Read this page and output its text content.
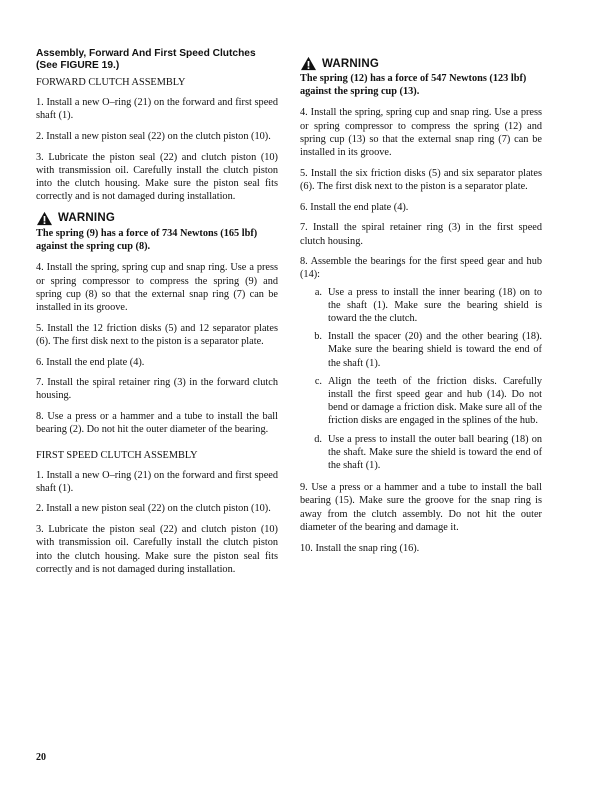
Assembly, Forward And First Speed Clutches
(See FIGURE 19.)
FORWARD CLUTCH ASSEMBLY

1. Install a new O–ring (21) on the forward and first speed shaft (1).

2. Install a new piston seal (22) on the clutch piston (10).

3. Lubricate the piston seal (22) and clutch piston (10) with transmission oil. Carefully install the clutch piston into the clutch housing. Make sure the piston seal fits correctly and is not damaged during installation.

WARNING

The spring (9) has a force of 734 Newtons (165 lbf) against the spring cup (8).

4. Install the spring, spring cup and snap ring. Use a press or spring compressor to compress the spring (9) and spring cup (8) so that the external snap ring (7) can be installed in its groove.

5. Install the 12 friction disks (5) and 12 separator plates (6). The first disk next to the piston is a separator plate.

6. Install the end plate (4).

7. Install the spiral retainer ring (3) in the forward clutch housing.

8. Use a press or a hammer and a tube to install the ball bearing (2). Do not hit the outer diameter of the bearing.

FIRST SPEED CLUTCH ASSEMBLY

1. Install a new O–ring (21) on the forward and first speed shaft (1).

2. Install a new piston seal (22) on the clutch piston (10).

3. Lubricate the piston seal (22) and clutch piston (10) with transmission oil. Carefully install the clutch piston into the clutch housing. Make sure the piston seal fits correctly and is not damaged during installation.

WARNING

The spring (12) has a force of 547 Newtons (123 lbf) against the spring cup (13).

4. Install the spring, spring cup and snap ring. Use a press or spring compressor to compress the spring (12) and spring cup (13) so that the external snap ring (7) can be installed in its groove.

5. Install the six friction disks (5) and six separator plates (6). The first disk next to the piston is a separator plate.

6. Install the end plate (4).

7. Install the spiral retainer ring (3) in the first speed clutch housing.

8. Assemble the bearings for the first speed gear and hub (14):

a. Use a press to install the inner bearing (18) on to the shaft (1). Make sure the bearing shield is toward the the clutch.
b. Install the spacer (20) and the other bearing (18). Make sure the bearing shield is toward the end of the shaft (1).
c. Align the teeth of the friction disks. Carefully install the first speed gear and hub (14). Do not bend or damage a friction disk. Make sure all of the friction disks are engaged in the splines of the hub.
d. Use a press to install the outer ball bearing (18) on the shaft. Make sure the shield is toward the end of the shaft (1).

9. Use a press or a hammer and a tube to install the ball bearing (15). Make sure the groove for the snap ring is away from the clutch assembly. Do not hit the outer diameter of the bearing and damage it.

10. Install the snap ring (16).

20
